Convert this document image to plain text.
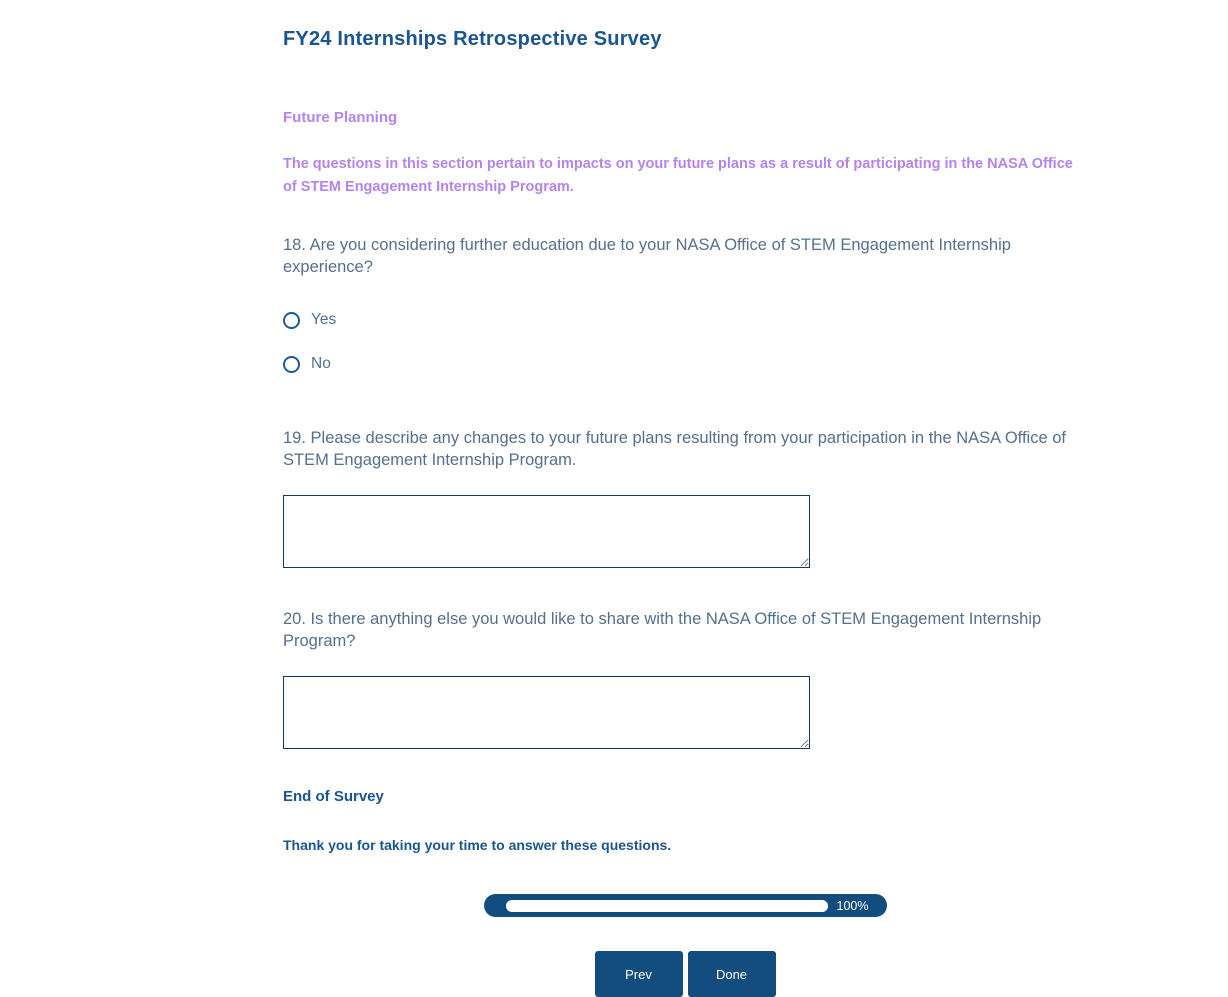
FY24 Internships Retrospective Survey
Future Planning

The questions in this section pertain to impacts on your future plans as a result of participating in the NASA Office of STEM Engagement Internship Program.

18. Are you considering further education due to your NASA Office of STEM Engagement Internship experience?
Yes
No
19. Please describe any changes to your future plans resulting from your participation in the NASA Office of STEM Engagement Internship Program.
20. Is there anything else you would like to share with the NASA Office of STEM Engagement Internship Program?
End of Survey
Thank you for taking your time to answer these questions.
100%
Prev	Done
